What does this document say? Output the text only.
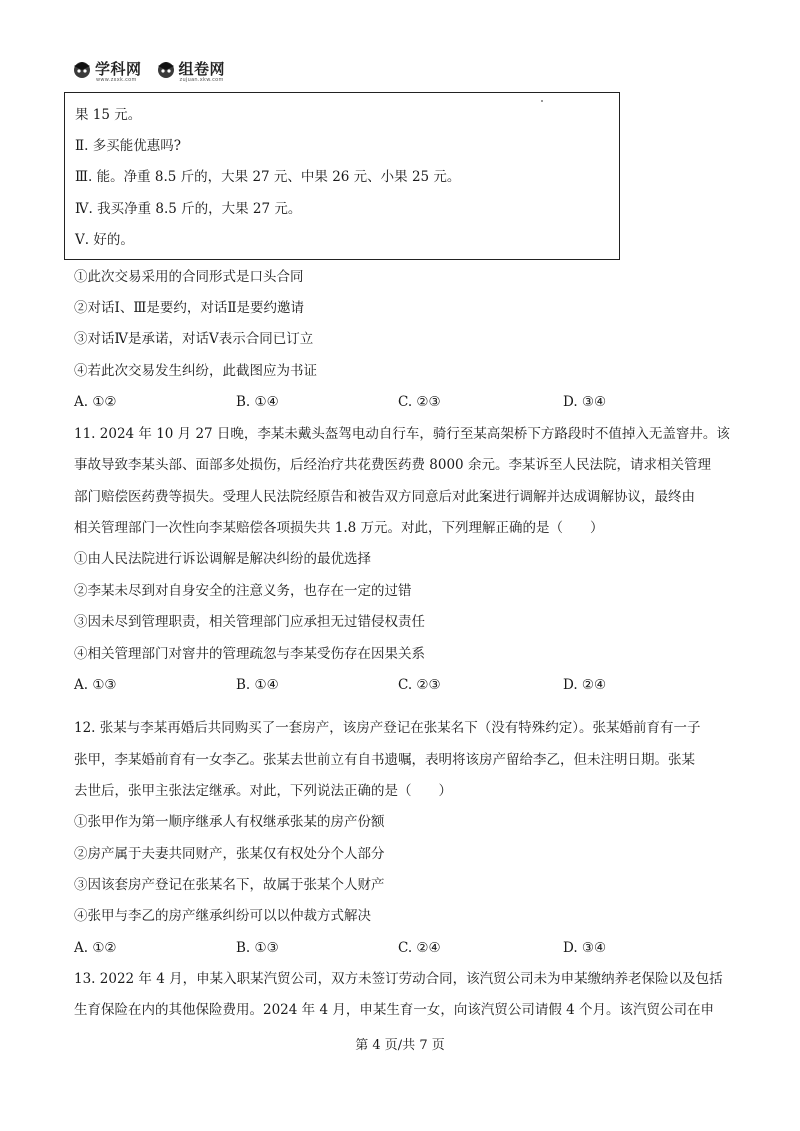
学科网
www.zxxk.com
组卷网
zujuan.xkw.com
果 15 元。
Ⅱ. 多买能优惠吗?
Ⅲ. 能。净重 8.5 斤的，大果 27 元、中果 26 元、小果 25 元。
Ⅳ. 我买净重 8.5 斤的，大果 27 元。
Ⅴ. 好的。
①此次交易采用的合同形式是口头合同
②对话Ⅰ、Ⅲ是要约，对话Ⅱ是要约邀请
③对话Ⅳ是承诺，对话Ⅴ表示合同已订立
④若此次交易发生纠纷，此截图应为书证
A. ①②	B. ①④	C. ②③	D. ③④
11. 2024 年 10 月 27 日晚，李某未戴头盔驾电动自行车，骑行至某高架桥下方路段时不值掉入无盖窨井。该
事故导致李某头部、面部多处损伤，后经治疗共花费医药费 8000 余元。李某诉至人民法院，请求相关管理
部门赔偿医药费等损失。受理人民法院经原告和被告双方同意后对此案进行调解并达成调解协议，最终由
相关管理部门一次性向李某赔偿各项损失共 1.8 万元。对此，下列理解正确的是（　　）
①由人民法院进行诉讼调解是解决纠纷的最优选择
②李某未尽到对自身安全的注意义务，也存在一定的过错
③因未尽到管理职责，相关管理部门应承担无过错侵权责任
④相关管理部门对窨井的管理疏忽与李某受伤存在因果关系
A. ①③	B. ①④	C. ②③	D. ②④
12. 张某与李某再婚后共同购买了一套房产，该房产登记在张某名下（没有特殊约定）。张某婚前育有一子
张甲，李某婚前育有一女李乙。张某去世前立有自书遗嘱，表明将该房产留给李乙，但未注明日期。张某
去世后，张甲主张法定继承。对此，下列说法正确的是（　　）
①张甲作为第一顺序继承人有权继承张某的房产份额
②房产属于夫妻共同财产，张某仅有权处分个人部分
③因该套房产登记在张某名下，故属于张某个人财产
④张甲与李乙的房产继承纠纷可以以仲裁方式解决
A. ①②	B. ①③	C. ②④	D. ③④
13. 2022 年 4 月，申某入职某汽贸公司，双方未签订劳动合同，该汽贸公司未为申某缴纳养老保险以及包括
生育保险在内的其他保险费用。2024 年 4 月，申某生育一女，向该汽贸公司请假 4 个月。该汽贸公司在申
第 4 页/共 7 页
